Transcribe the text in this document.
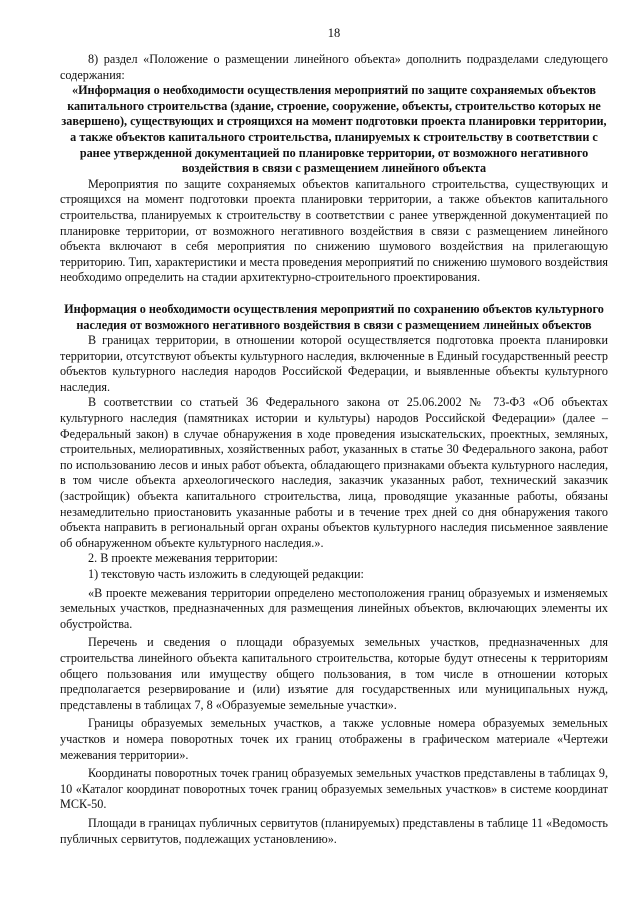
18

8) раздел «Положение о размещении линейного объекта» дополнить подразделами следующего содержания:

«Информация о необходимости осуществления мероприятий по защите сохраняемых объектов капитального строительства (здание, строение, сооружение, объекты, строительство которых не завершено), существующих и строящихся на момент подготовки проекта планировки территории, а также объектов капитального строительства, планируемых к строительству в соответствии с ранее утвержденной документацией по планировке территории, от возможного негативного воздействия в связи с размещением линейного объекта

Мероприятия по защите сохраняемых объектов капитального строительства, существующих и строящихся на момент подготовки проекта планировки территории, а также объектов капитального строительства, планируемых к строительству в соответствии с ранее утвержденной документацией по планировке территории, от возможного негативного воздействия в связи с размещением линейного объекта включают в себя мероприятия по снижению шумового воздействия на прилегающую территорию. Тип, характеристики и места проведения мероприятий по снижению шумового воздействия необходимо определить на стадии архитектурно-строительного проектирования.

Информация о необходимости осуществления мероприятий по сохранению объектов культурного наследия от возможного негативного воздействия в связи с размещением линейных объектов

В границах территории, в отношении которой осуществляется подготовка проекта планировки территории, отсутствуют объекты культурного наследия, включенные в Единый государственный реестр объектов культурного наследия народов Российской Федерации, и выявленные объекты культурного наследия.

В соответствии со статьей 36 Федерального закона от 25.06.2002 № 73-ФЗ «Об объектах культурного наследия (памятниках истории и культуры) народов Российской Федерации» (далее – Федеральный закон) в случае обнаружения в ходе проведения изыскательских, проектных, земляных, строительных, мелиоративных, хозяйственных работ, указанных в статье 30 Федерального закона, работ по использованию лесов и иных работ объекта, обладающего признаками объекта культурного наследия, в том числе объекта археологического наследия, заказчик указанных работ, технический заказчик (застройщик) объекта капитального строительства, лица, проводящие указанные работы, обязаны незамедлительно приостановить указанные работы и в течение трех дней со дня обнаружения такого объекта направить в региональный орган охраны объектов культурного наследия письменное заявление об обнаруженном объекте культурного наследия.».

2. В проекте межевания территории:

1) текстовую часть изложить в следующей редакции:

«В проекте межевания территории определено местоположения границ образуемых и изменяемых земельных участков, предназначенных для размещения линейных объектов, включающих элементы их обустройства.

Перечень и сведения о площади образуемых земельных участков, предназначенных для строительства линейного объекта капитального строительства, которые будут отнесены к территориям общего пользования или имуществу общего пользования, в том числе в отношении которых предполагается резервирование и (или) изъятие для государственных или муниципальных нужд, представлены в таблицах 7, 8 «Образуемые земельные участки».

Границы образуемых земельных участков, а также условные номера образуемых земельных участков и номера поворотных точек их границ отображены в графическом материале «Чертежи межевания территории».

Координаты поворотных точек границ образуемых земельных участков представлены в таблицах 9, 10 «Каталог координат поворотных точек границ образуемых земельных участков» в системе координат МСК-50.

Площади в границах публичных сервитутов (планируемых) представлены в таблице 11 «Ведомость публичных сервитутов, подлежащих установлению».
